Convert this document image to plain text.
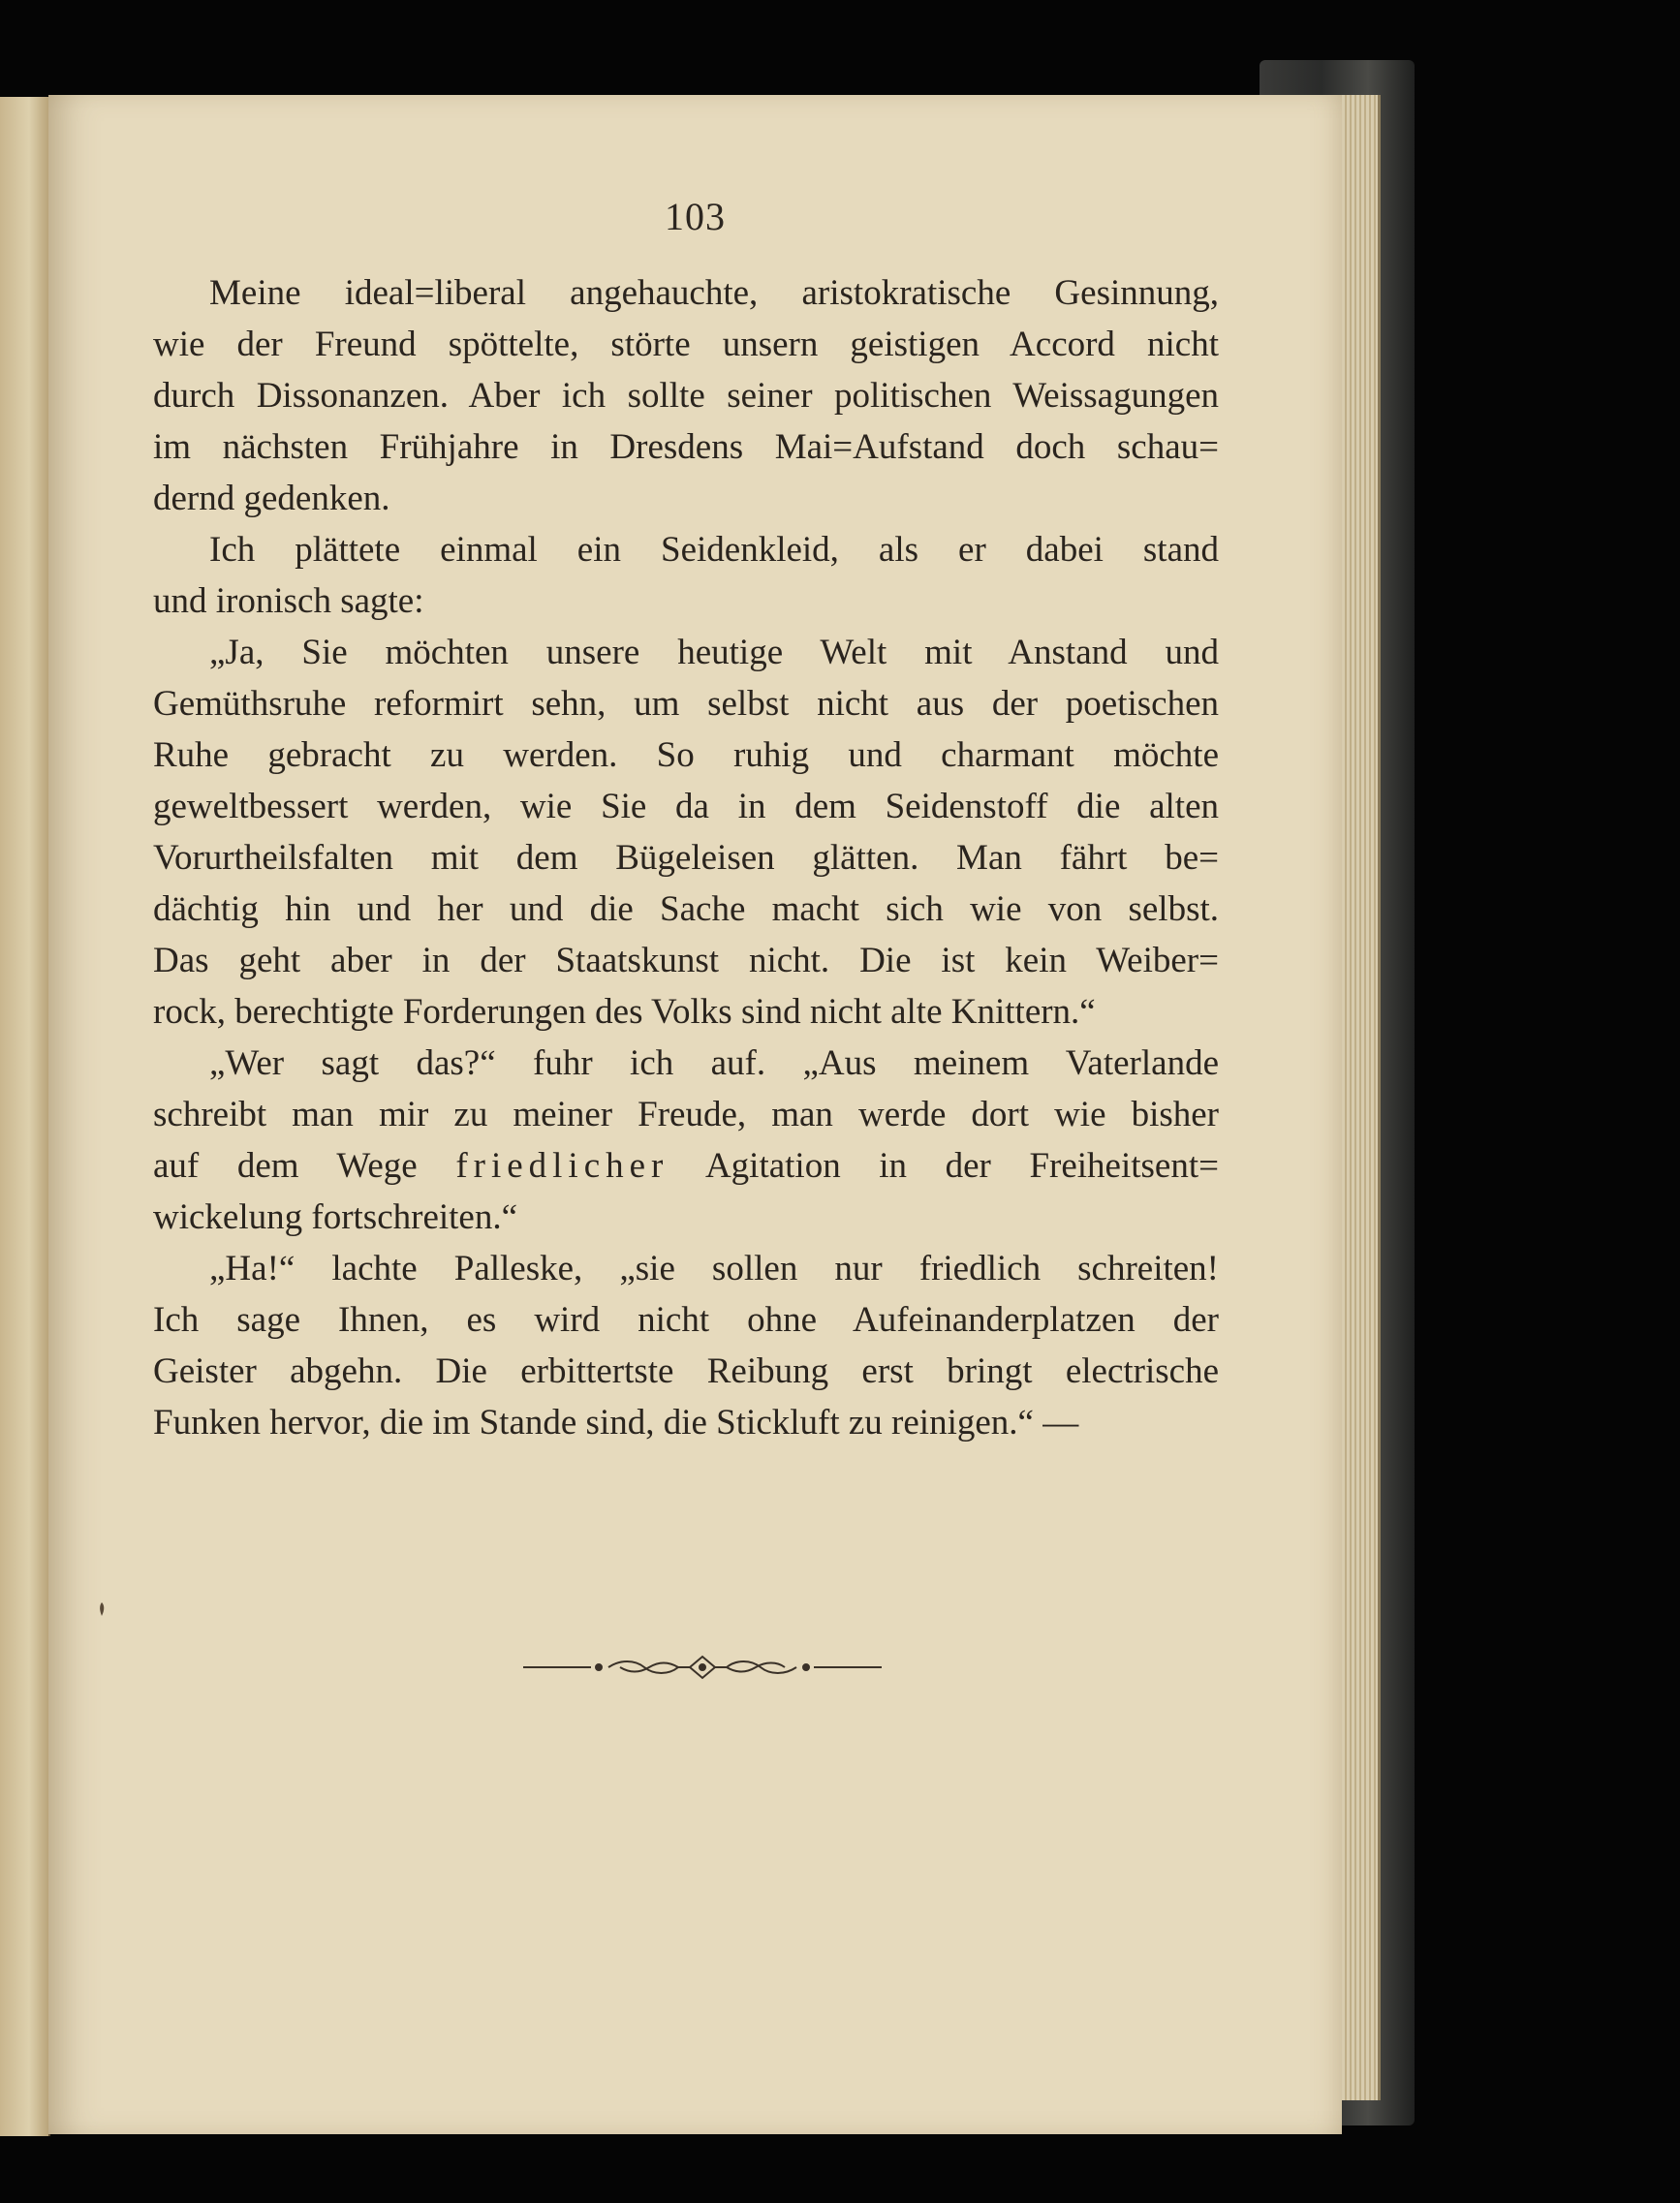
103
Meine ideal=liberal angehauchte, aristokratische Gesinnung,
wie der Freund spöttelte, störte unsern geistigen Accord nicht
durch Dissonanzen. Aber ich sollte seiner politischen Weissagungen
im nächsten Frühjahre in Dresdens Mai=Aufstand doch schau=
dernd gedenken.
Ich plättete einmal ein Seidenkleid, als er dabei stand
und ironisch sagte:
„Ja, Sie möchten unsere heutige Welt mit Anstand und
Gemüthsruhe reformirt sehn, um selbst nicht aus der poetischen
Ruhe gebracht zu werden. So ruhig und charmant möchte
geweltbessert werden, wie Sie da in dem Seidenstoff die alten
Vorurtheilsfalten mit dem Bügeleisen glätten. Man fährt be=
dächtig hin und her und die Sache macht sich wie von selbst.
Das geht aber in der Staatskunst nicht. Die ist kein Weiber=
rock, berechtigte Forderungen des Volks sind nicht alte Knittern.“
„Wer sagt das?“ fuhr ich auf. „Aus meinem Vaterlande
schreibt man mir zu meiner Freude, man werde dort wie bisher
auf dem Wege friedlicher Agitation in der Freiheitsent=
wickelung fortschreiten.“
„Ha!“ lachte Palleske, „sie sollen nur friedlich schreiten!
Ich sage Ihnen, es wird nicht ohne Aufeinanderplatzen der
Geister abgehn. Die erbittertste Reibung erst bringt electrische
Funken hervor, die im Stande sind, die Stickluft zu reinigen.“ —
